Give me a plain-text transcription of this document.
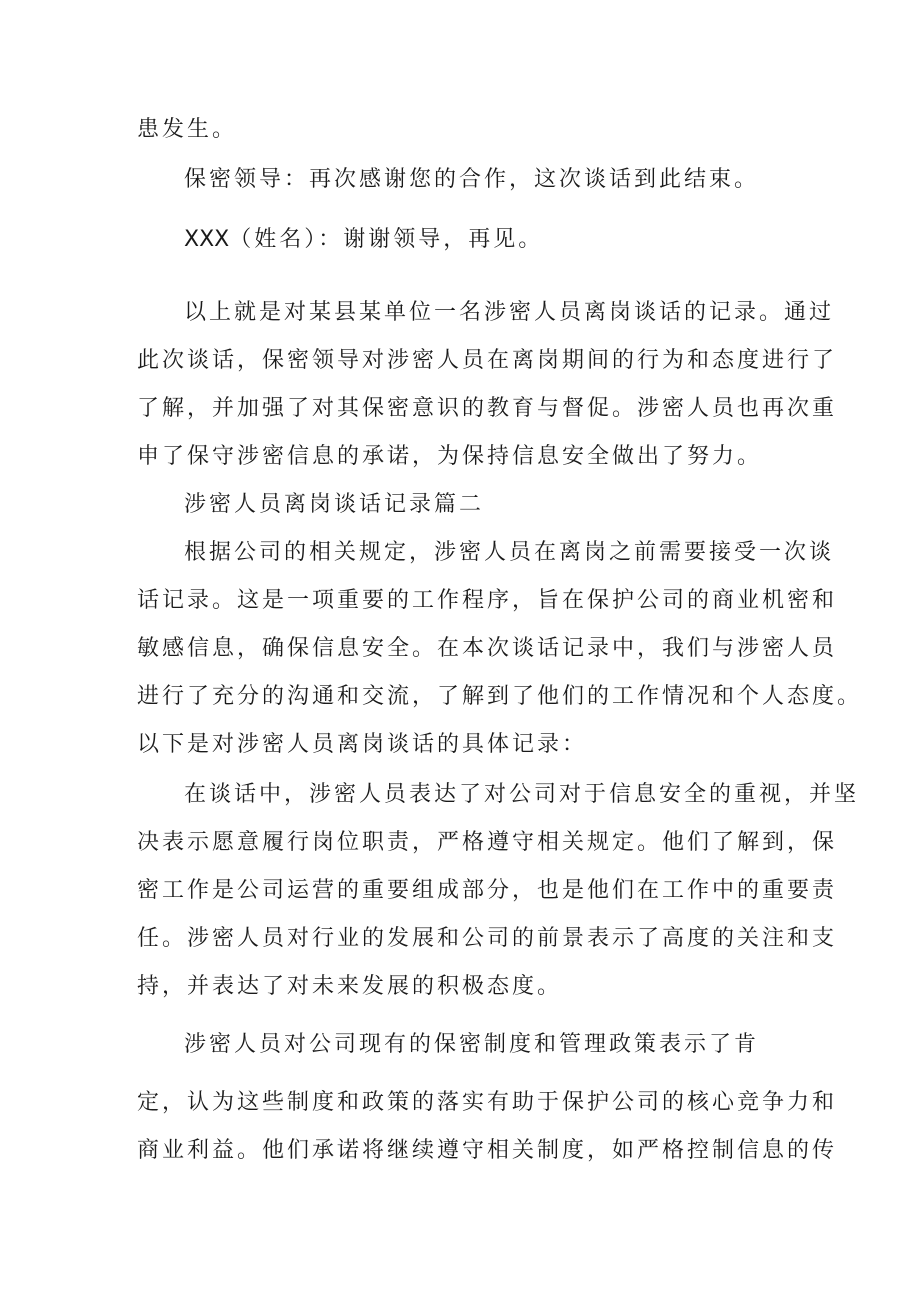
患发生。
保密领导：再次感谢您的合作，这次谈话到此结束。
XXX（姓名）：谢谢领导，再见。
以上就是对某县某单位一名涉密人员离岗谈话的记录。通过
此次谈话，保密领导对涉密人员在离岗期间的行为和态度进行了
了解，并加强了对其保密意识的教育与督促。涉密人员也再次重
申了保守涉密信息的承诺，为保持信息安全做出了努力。
涉密人员离岗谈话记录篇二
根据公司的相关规定，涉密人员在离岗之前需要接受一次谈
话记录。这是一项重要的工作程序，旨在保护公司的商业机密和
敏感信息，确保信息安全。在本次谈话记录中，我们与涉密人员
进行了充分的沟通和交流，了解到了他们的工作情况和个人态度。
以下是对涉密人员离岗谈话的具体记录：
在谈话中，涉密人员表达了对公司对于信息安全的重视，并坚
决表示愿意履行岗位职责，严格遵守相关规定。他们了解到，保
密工作是公司运营的重要组成部分，也是他们在工作中的重要责
任。涉密人员对行业的发展和公司的前景表示了高度的关注和支
持，并表达了对未来发展的积极态度。
涉密人员对公司现有的保密制度和管理政策表示了肯
定，认为这些制度和政策的落实有助于保护公司的核心竞争力和
商业利益。他们承诺将继续遵守相关制度，如严格控制信息的传
